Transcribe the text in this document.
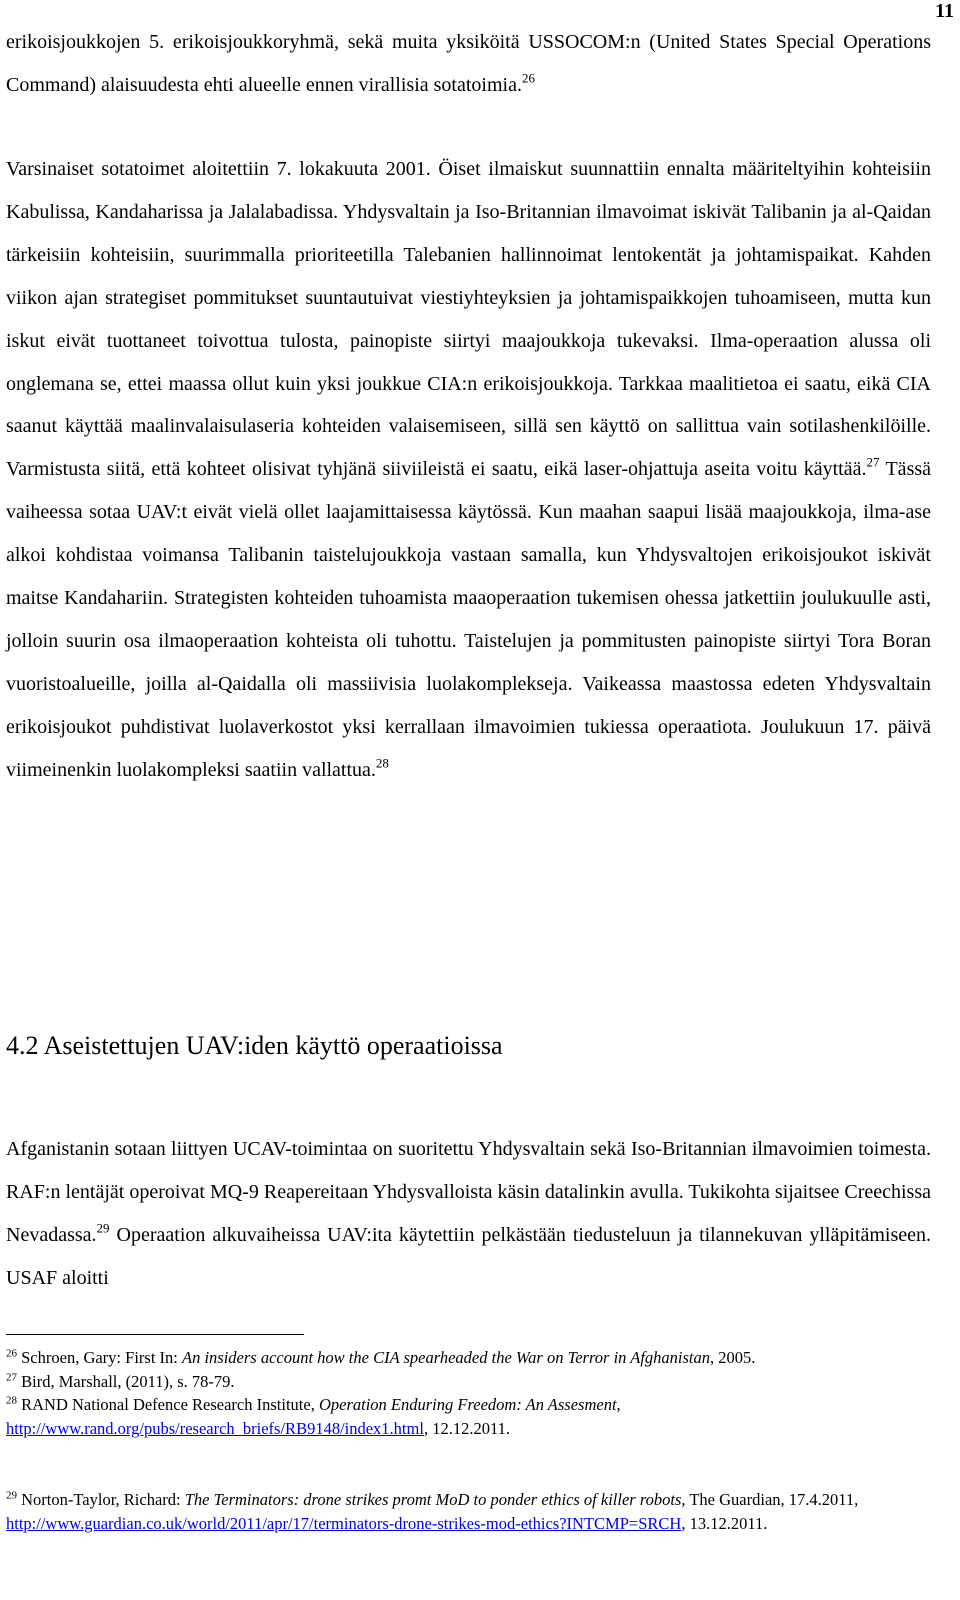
11

erikoisjoukkojen 5. erikoisjoukkoryhmä, sekä muita yksiköitä USSOCOM:n (United States Special Operations Command) alaisuudesta ehti alueelle ennen virallisia sotatoimia.$^{26}$

Varsinaiset sotatoimet aloitettiin 7. lokakuuta 2001. Öiset ilmaiskut suunnattiin ennalta määriteltyihin kohteisiin Kabulissa, Kandaharissa ja Jalalabadissa. Yhdysvaltain ja Iso-Britannian ilmavoimat iskivät Talibanin ja al-Qaidan tärkeisiin kohteisiin, suurimmalla prioriteetilla Talebanien hallinnoimat lentokentät ja johtamispaikat. Kahden viikon ajan strategiset pommitukset suuntautuivat viestiyhteyksien ja johtamispaikkojen tuhoamiseen, mutta kun iskut eivät tuottaneet toivottua tulosta, painopiste siirtyi maajoukkoja tukevaksi. Ilma-operaation alussa oli onglemana se, ettei maassa ollut kuin yksi joukkue CIA:n erikoisjoukkoja. Tarkkaa maalitietoa ei saatu, eikä CIA saanut käyttää maalinvalaisulaseria kohteiden valaisemiseen, sillä sen käyttö on sallittua vain sotilashenkilöille. Varmistusta siitä, että kohteet olisivat tyhjänä siiviileistä ei saatu, eikä laser-ohjattuja aseita voitu käyttää.$^{27}$ Tässä vaiheessa sotaa UAV:t eivät vielä ollet laajamittaisessa käytössä. Kun maahan saapui lisää maajoukkoja, ilma-ase alkoi kohdistaa voimansa Talibanin taistelujoukkoja vastaan samalla, kun Yhdysvaltojen erikoisjoukot iskivät maitse Kandahariin. Strategisten kohteiden tuhoamista maaoperaation tukemisen ohessa jatkettiin joulukuulle asti, jolloin suurin osa ilmaoperaation kohteista oli tuhottu. Taistelujen ja pommitusten painopiste siirtyi Tora Boran vuoristoalueille, joilla al-Qaidalla oli massiivisia luolakomplekseja. Vaikeassa maastossa edeten Yhdysvaltain erikoisjoukot puhdistivat luolaverkostot yksi kerrallaan ilmavoimien tukiessa operaatiota. Joulukuun 17. päivä viimeinenkin luolakompleksi saatiin vallattua.$^{28}$

4.2 Aseistettujen UAV:iden käyttö operaatioissa

Afganistanin sotaan liittyen UCAV-toimintaa on suoritettu Yhdysvaltain sekä Iso-Britannian ilmavoimien toimesta. RAF:n lentäjät operoivat MQ-9 Reapereitaan Yhdysvalloista käsin datalinkin avulla. Tukikohta sijaitsee Creechissa Nevadassa.$^{29}$ Operaation alkuvaiheissa UAV:ita käytettiin pelkästään tiedusteluun ja tilannekuvan ylläpitämiseen. USAF aloitti

$^{26}$ Schroen, Gary: First In: An insiders account how the CIA spearheaded the War on Terror in Afghanistan, 2005.

$^{27}$ Bird, Marshall, (2011), s. 78-79.

$^{28}$ RAND National Defence Research Institute, Operation Enduring Freedom: An Assesment,
http://www.rand.org/pubs/research_briefs/RB9148/index1.html, 12.12.2011.

$^{29}$ Norton-Taylor, Richard: The Terminators: drone strikes promt MoD to ponder ethics of killer robots, The Guardian, 17.4.2011, http://www.guardian.co.uk/world/2011/apr/17/terminators-drone-strikes-mod-ethics?INTCMP=SRCH, 13.12.2011.
